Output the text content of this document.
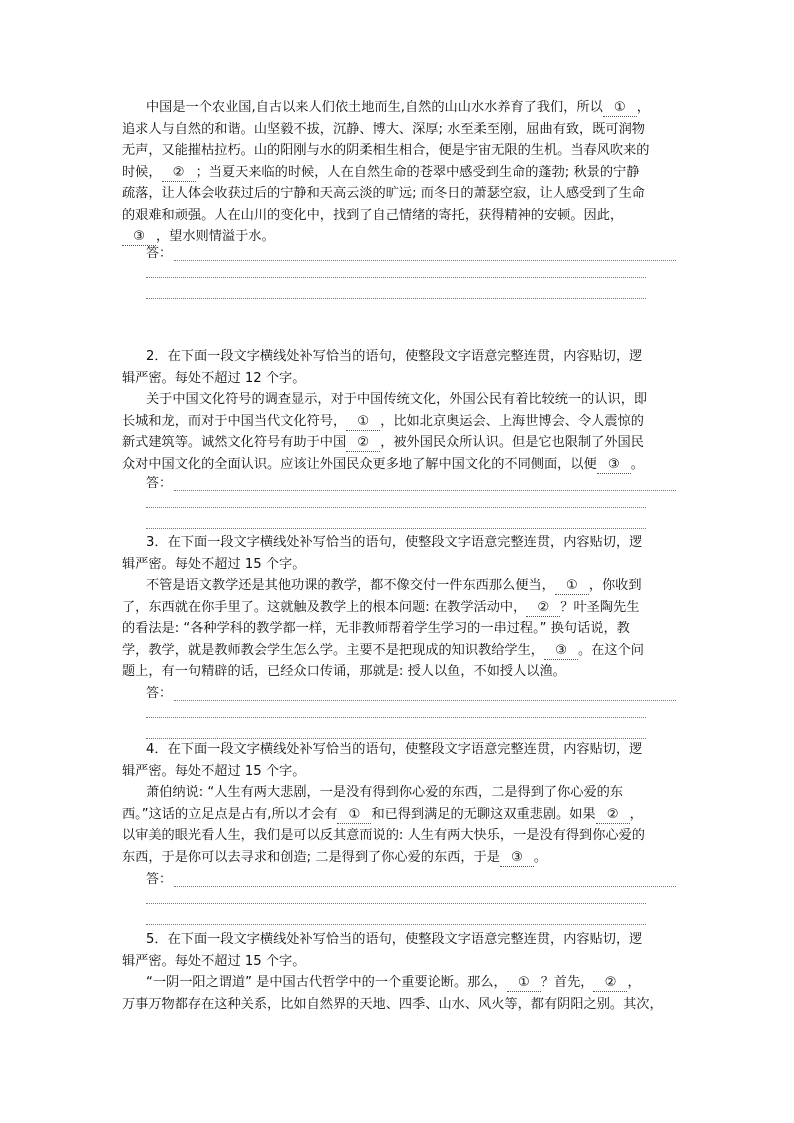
中国是一个农业国,自古以来人们依土地而生,自然的山山水水养育了我们，所以 ① ，
追求人与自然的和谐。山坚毅不拔，沉静、博大、深厚; 水至柔至刚，屈曲有致，既可润物
无声，又能摧枯拉朽。山的阳刚与水的阴柔相生相合，便是宇宙无限的生机。当春风吹来的
时候， ② ；当夏天来临的时候，人在自然生命的苍翠中感受到生命的蓬勃; 秋景的宁静
疏落，让人体会收获过后的宁静和天高云淡的旷远; 而冬日的萧瑟空寂，让人感受到了生命
的艰难和顽强。人在山川的变化中，找到了自己情绪的寄托，获得精神的安顿。因此，
③ ，望水则情溢于水。
答：
2．在下面一段文字横线处补写恰当的语句，使整段文字语意完整连贯，内容贴切，逻
辑严密。每处不超过 12 个字。
关于中国文化符号的调查显示，对于中国传统文化，外国公民有着比较统一的认识，即
长城和龙，而对于中国当代文化符号， ① ，比如北京奥运会、上海世博会、令人震惊的
新式建筑等。诚然文化符号有助于中国 ② ，被外国民众所认识。但是它也限制了外国民
众对中国文化的全面认识。应该让外国民众更多地了解中国文化的不同侧面，以便 ③ 。
答：
3．在下面一段文字横线处补写恰当的语句，使整段文字语意完整连贯，内容贴切，逻
辑严密。每处不超过 15 个字。
不管是语文教学还是其他功课的教学，都不像交付一件东西那么便当， ① ，你收到
了，东西就在你手里了。这就触及教学上的根本问题: 在教学活动中， ② ？叶圣陶先生
的看法是: “各种学科的教学都一样，无非教师帮着学生学习的一串过程。” 换句话说，教
学，教学，就是教师教会学生怎么学。主要不是把现成的知识教给学生， ③ 。在这个问
题上，有一句精辟的话，已经众口传诵，那就是: 授人以鱼，不如授人以渔。
答：
4．在下面一段文字横线处补写恰当的语句，使整段文字语意完整连贯，内容贴切，逻
辑严密。每处不超过 15 个字。
萧伯纳说: “人生有两大悲剧，一是没有得到你心爱的东西，二是得到了你心爱的东
西。”这话的立足点是占有,所以才会有 ① 和已得到满足的无聊这双重悲剧。如果 ② ，
以审美的眼光看人生，我们是可以反其意而说的: 人生有两大快乐，一是没有得到你心爱的
东西，于是你可以去寻求和创造; 二是得到了你心爱的东西，于是 ③ 。
答：
5．在下面一段文字横线处补写恰当的语句，使整段文字语意完整连贯，内容贴切，逻
辑严密。每处不超过 15 个字。
“一阴一阳之谓道” 是中国古代哲学中的一个重要论断。那么， ① ？首先， ② ，
万事万物都存在这种关系，比如自然界的天地、四季、山水、风火等，都有阴阳之别。其次，
